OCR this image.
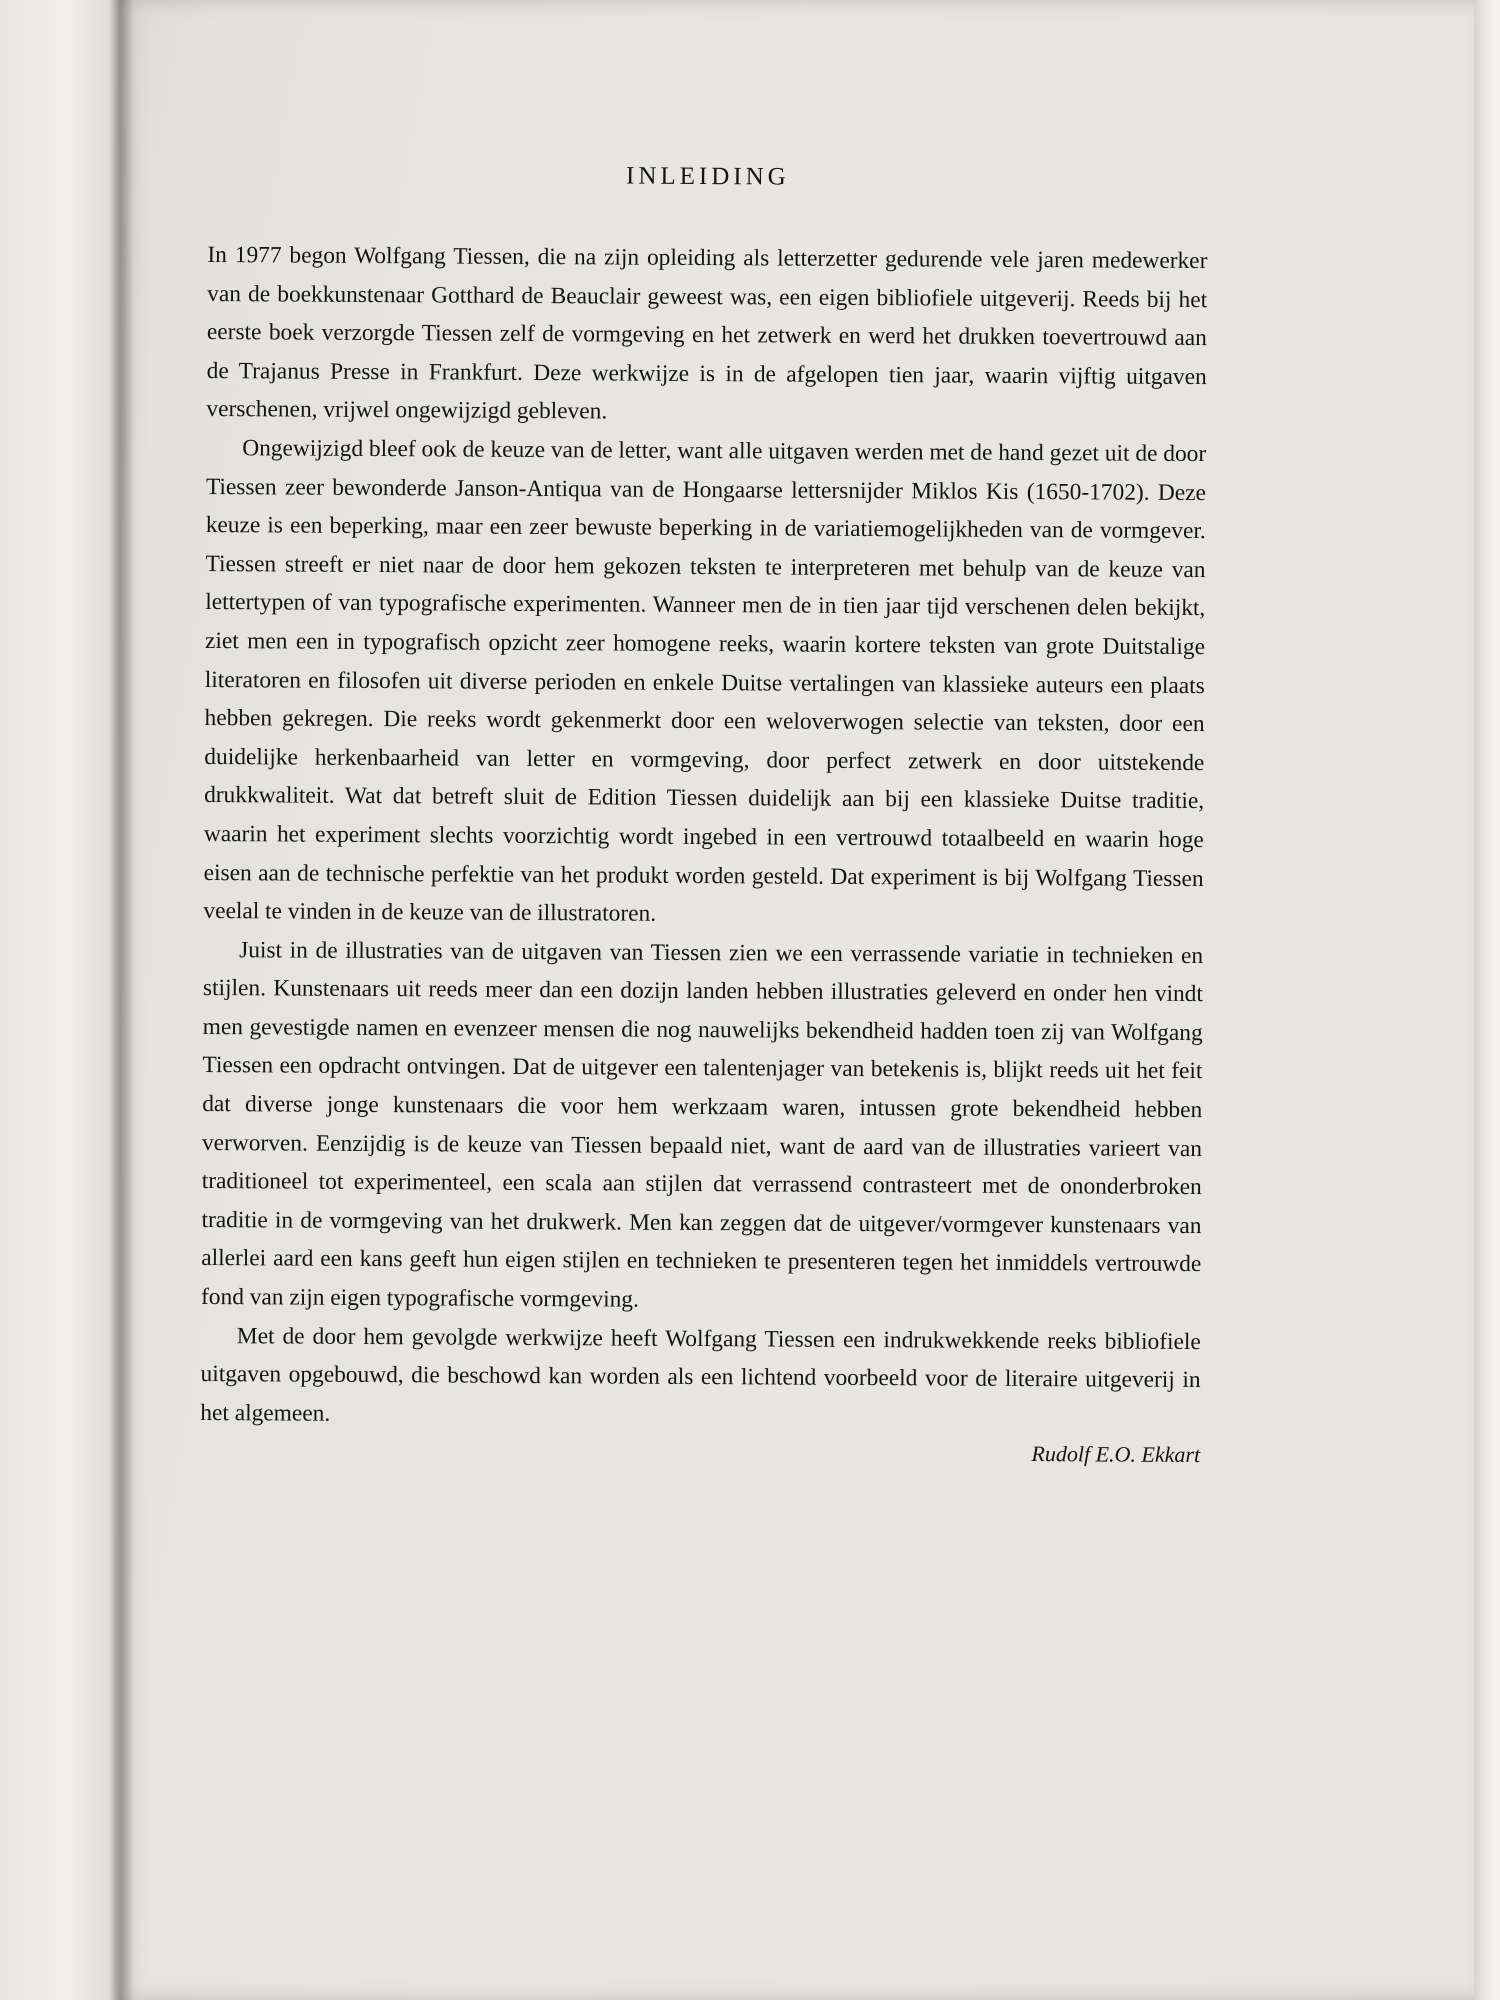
INLEIDING

In 1977 begon Wolfgang Tiessen, die na zijn opleiding als letterzetter gedurende vele jaren medewerker van de boekkunstenaar Gotthard de Beauclair geweest was, een eigen bibliofiele uitgeverij. Reeds bij het eerste boek verzorgde Tiessen zelf de vormgeving en het zetwerk en werd het drukken toevertrouwd aan de Trajanus Presse in Frankfurt. Deze werkwijze is in de afgelopen tien jaar, waarin vijftig uitgaven verschenen, vrijwel ongewijzigd gebleven.

Ongewijzigd bleef ook de keuze van de letter, want alle uitgaven werden met de hand gezet uit de door Tiessen zeer bewonderde Janson-Antiqua van de Hongaarse lettersnijder Miklos Kis (1650-1702). Deze keuze is een beperking, maar een zeer bewuste beperking in de variatiemogelijkheden van de vormgever. Tiessen streeft er niet naar de door hem gekozen teksten te interpreteren met behulp van de keuze van lettertypen of van typografische experimenten. Wanneer men de in tien jaar tijd verschenen delen bekijkt, ziet men een in typografisch opzicht zeer homogene reeks, waarin kortere teksten van grote Duitstalige literatoren en filosofen uit diverse perioden en enkele Duitse vertalingen van klassieke auteurs een plaats hebben gekregen. Die reeks wordt gekenmerkt door een weloverwogen selectie van teksten, door een duidelijke herkenbaarheid van letter en vormgeving, door perfect zetwerk en door uitstekende drukkwaliteit. Wat dat betreft sluit de Edition Tiessen duidelijk aan bij een klassieke Duitse traditie, waarin het experiment slechts voorzichtig wordt ingebed in een vertrouwd totaalbeeld en waarin hoge eisen aan de technische perfektie van het produkt worden gesteld. Dat experiment is bij Wolfgang Tiessen veelal te vinden in de keuze van de illustratoren.

Juist in de illustraties van de uitgaven van Tiessen zien we een verrassende variatie in technieken en stijlen. Kunstenaars uit reeds meer dan een dozijn landen hebben illustraties geleverd en onder hen vindt men gevestigde namen en evenzeer mensen die nog nauwelijks bekendheid hadden toen zij van Wolfgang Tiessen een opdracht ontvingen. Dat de uitgever een talentenjager van betekenis is, blijkt reeds uit het feit dat diverse jonge kunstenaars die voor hem werkzaam waren, intussen grote bekendheid hebben verworven. Eenzijdig is de keuze van Tiessen bepaald niet, want de aard van de illustraties varieert van traditioneel tot experimenteel, een scala aan stijlen dat verrassend contrasteert met de ononderbroken traditie in de vormgeving van het drukwerk. Men kan zeggen dat de uitgever/vormgever kunstenaars van allerlei aard een kans geeft hun eigen stijlen en technieken te presenteren tegen het inmiddels vertrouwde fond van zijn eigen typografische vormgeving.

Met de door hem gevolgde werkwijze heeft Wolfgang Tiessen een indrukwekkende reeks bibliofiele uitgaven opgebouwd, die beschowd kan worden als een lichtend voorbeeld voor de literaire uitgeverij in het algemeen.

Rudolf E.O. Ekkart
